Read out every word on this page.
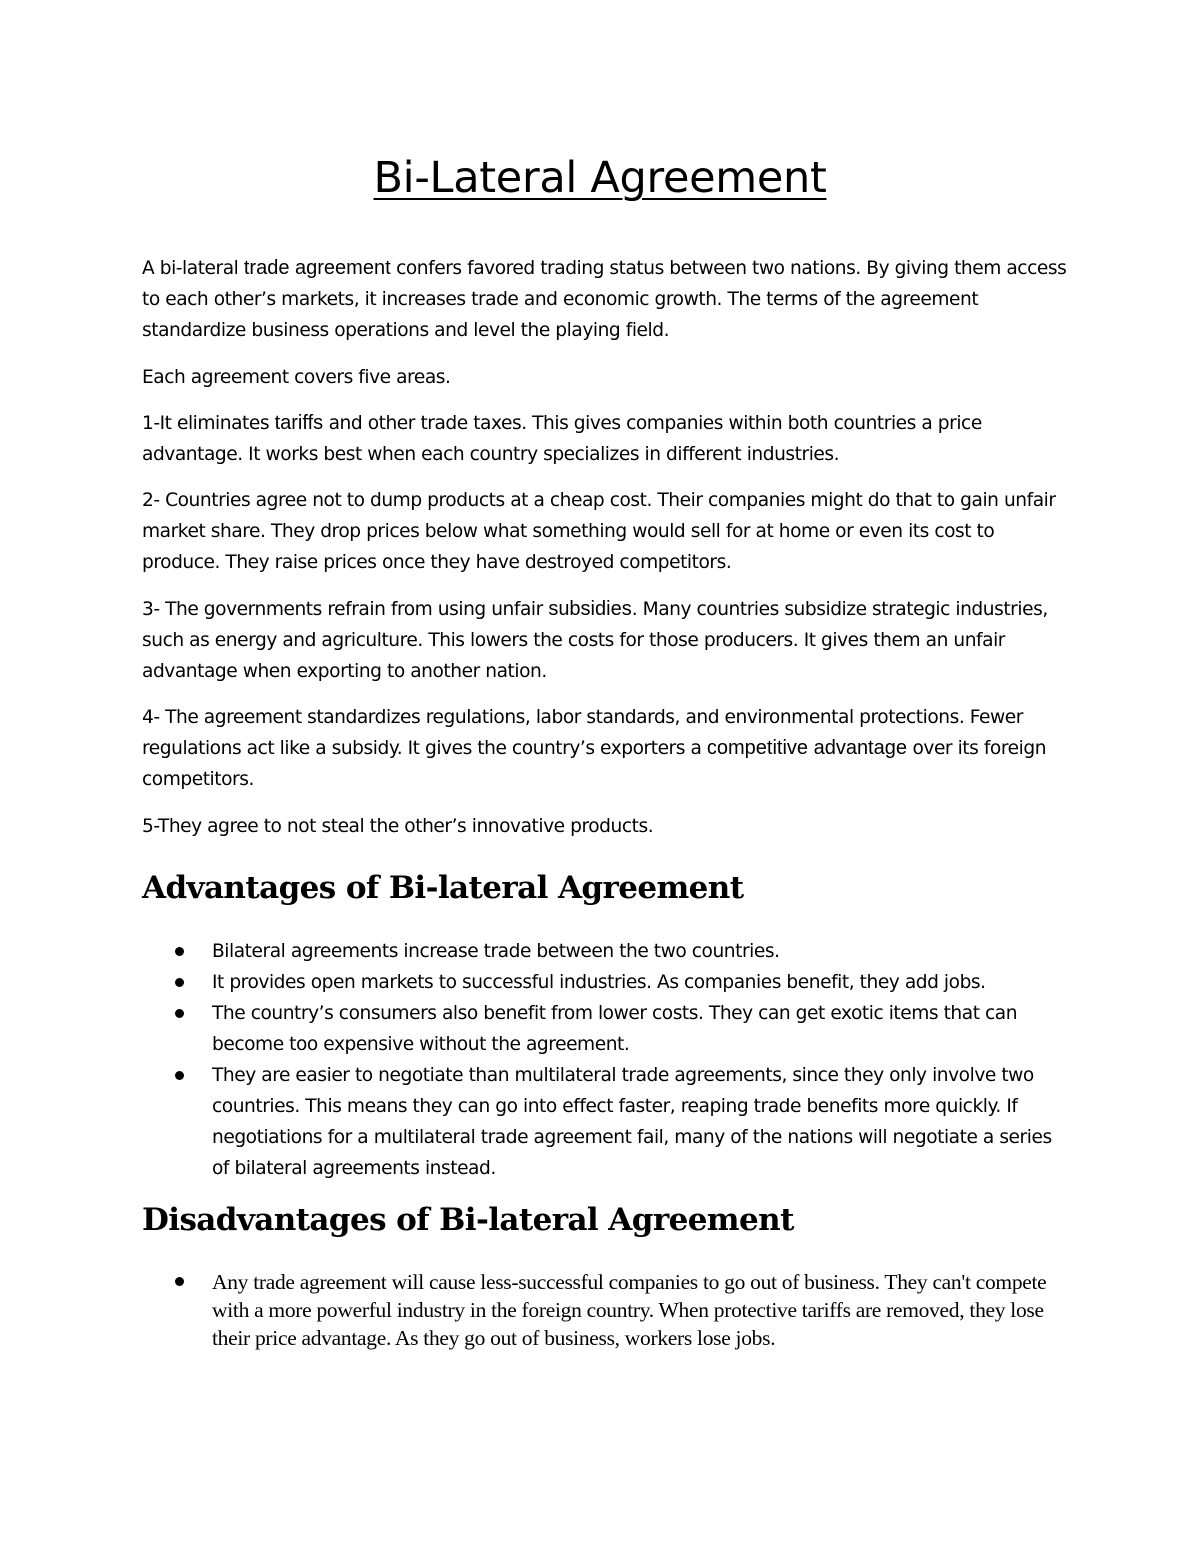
Bi-Lateral Agreement

A bi-lateral trade agreement confers favored trading status between two nations. By giving them access to each other’s markets, it increases trade and economic growth. The terms of the agreement standardize business operations and level the playing field.

Each agreement covers five areas.

1-It eliminates tariffs and other trade taxes. This gives companies within both countries a price advantage. It works best when each country specializes in different industries.

2- Countries agree not to dump products at a cheap cost. Their companies might do that to gain unfair market share. They drop prices below what something would sell for at home or even its cost to produce. They raise prices once they have destroyed competitors.

3- The governments refrain from using unfair subsidies. Many countries subsidize strategic industries, such as energy and agriculture. This lowers the costs for those producers. It gives them an unfair advantage when exporting to another nation.

4- The agreement standardizes regulations, labor standards, and environmental protections. Fewer regulations act like a subsidy. It gives the country’s exporters a competitive advantage over its foreign competitors.

5-They agree to not steal the other’s innovative products.

Advantages of Bi-lateral Agreement
Bilateral agreements increase trade between the two countries.
It provides open markets to successful industries. As companies benefit, they add jobs.
The country’s consumers also benefit from lower costs. They can get exotic items that can become too expensive without the agreement.
They are easier to negotiate than multilateral trade agreements, since they only involve two countries. This means they can go into effect faster, reaping trade benefits more quickly. If negotiations for a multilateral trade agreement fail, many of the nations will negotiate a series of bilateral agreements instead.
Disadvantages of Bi-lateral Agreement
Any trade agreement will cause less-successful companies to go out of business. They can't compete with a more powerful industry in the foreign country. When protective tariffs are removed, they lose their price advantage. As they go out of business, workers lose jobs.
